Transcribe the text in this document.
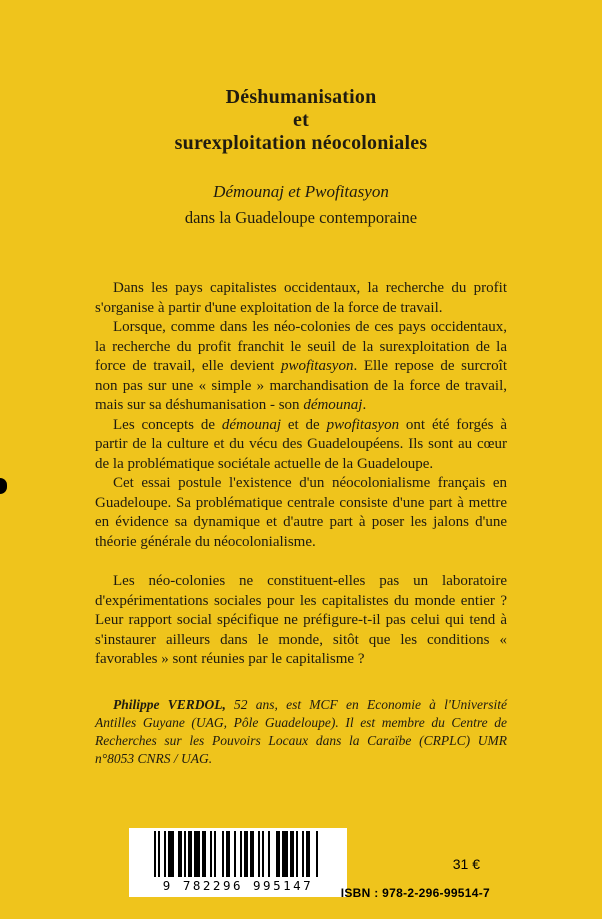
Déshumanisation
et
surexploitation néocoloniales
Démounaj et Pwofitasyon
dans la Guadeloupe contemporaine

Dans les pays capitalistes occidentaux, la recherche du profit s'organise à partir d'une exploitation de la force de travail.

Lorsque, comme dans les néo-colonies de ces pays occidentaux, la recherche du profit franchit le seuil de la surexploitation de la force de travail, elle devient pwofitasyon. Elle repose de surcroît non pas sur une « simple » marchandisation de la force de travail, mais sur sa déshumanisation - son démounaj.

Les concepts de démounaj et de pwofitasyon ont été forgés à partir de la culture et du vécu des Guadeloupéens. Ils sont au cœur de la problématique sociétale actuelle de la Guadeloupe.

Cet essai postule l'existence d'un néocolonialisme français en Guadeloupe. Sa problématique centrale consiste d'une part à mettre en évidence sa dynamique et d'autre part à poser les jalons d'une théorie générale du néocolonialisme.

Les néo-colonies ne constituent-elles pas un laboratoire d'expérimentations sociales pour les capitalistes du monde entier ? Leur rapport social spécifique ne préfigure-t-il pas celui qui tend à s'instaurer ailleurs dans le monde, sitôt que les conditions « favorables » sont réunies par le capitalisme ?

Philippe VERDOL, 52 ans, est MCF en Economie à l'Université Antilles Guyane (UAG, Pôle Guadeloupe). Il est membre du Centre de Recherches sur les Pouvoirs Locaux dans la Caraïbe (CRPLC) UMR n°8053 CNRS / UAG.

9 782296 995147
31 €
ISBN : 978-2-296-99514-7
